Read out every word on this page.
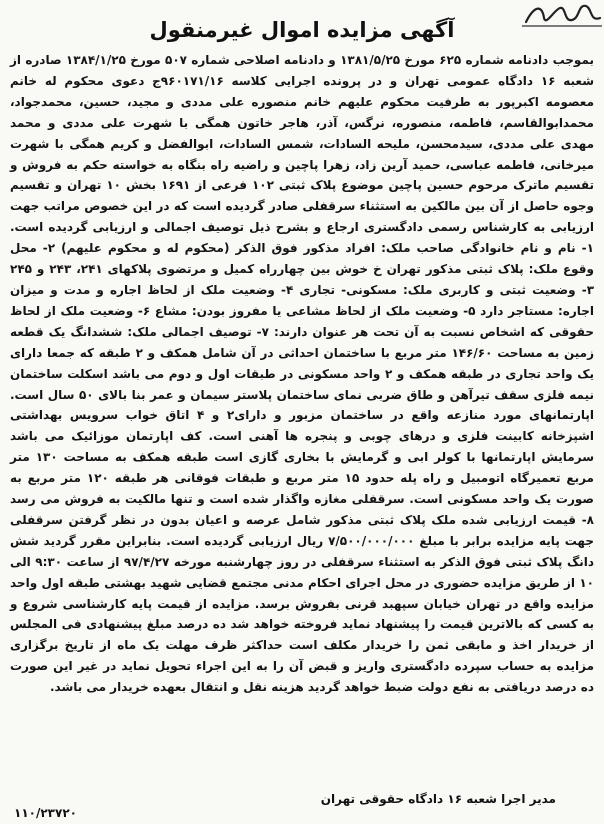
آگهی مزایده اموال غیرمنقول

بموجب دادنامه شماره ۶۲۵ مورخ ۱۳۸۱/۵/۲۵ و دادنامه اصلاحی شماره ۵۰۷ مورخ ۱۳۸۴/۱/۲۵ صادره از شعبه ۱۶ دادگاه عمومی تهران و در پرونده اجرایی کلاسه ۹۶۰۱۷۱/۱۶ج دعوی محکوم له خانم معصومه اکبرپور به طرفیت محکوم علیهم خانم منصوره علی مددی و مجید، حسین، محمدجواد، محمدابوالقاسم، فاطمه، منصوره، نرگس، آذر، هاجر خاتون همگی با شهرت علی مددی و محمد مهدی علی مددی، سیدمحسن، ملیحه السادات، شمس السادات، ابوالفضل و کریم همگی با شهرت میرخانی، فاطمه عباسی، حمید آرین زاد، زهرا پاچین و راضیه راه بنگاه به خواسته حکم به فروش و تقسیم ماترک مرحوم حسین پاچین موضوع پلاک ثبتی ۱۰۲ فرعی از ۱۶۹۱ بخش ۱۰ تهران و تقسیم وجوه حاصل از آن بین مالکین به استثناء سرقفلی صادر گردیده است که در این خصوص مراتب جهت ارزیابی به کارشناس رسمی دادگستری ارجاع و بشرح ذیل توصیف اجمالی و ارزیابی گردیده است. ۱- نام و نام خانوادگی صاحب ملک: افراد مذکور فوق الذکر (محکوم له و محکوم علیهم) ۲- محل وقوع ملک: پلاک ثبتی مذکور تهران خ خوش بین چهارراه کمیل و مرتضوی پلاکهای ۲۴۱، ۲۴۳ و ۲۴۵ ۳- وضعیت ثبتی و کاربری ملک: مسکونی- تجاری ۴- وضعیت ملک از لحاظ اجاره و مدت و میزان اجاره: مستاجر دارد ۵- وضعیت ملک از لحاظ مشاعی یا مفروز بودن: مشاع ۶- وضعیت ملک از لحاظ حقوقی که اشخاص نسبت به آن تحت هر عنوان دارند: ۷- توصیف اجمالی ملک: ششدانگ یک قطعه زمین به مساحت ۱۴۶/۶۰ متر مربع با ساختمان احداثی در آن شامل همکف و ۲ طبقه که جمعا دارای یک واحد تجاری در طبقه همکف و ۲ واحد مسکونی در طبقات اول و دوم می باشد اسکلت ساختمان نیمه فلزی سقف تیرآهن و طاق ضربی نمای ساختمان پلاستر سیمان و عمر بنا بالای ۵۰ سال است. اپارتمانهای مورد منازعه واقع در ساختمان مزبور و دارای۲ و ۴ اتاق خواب سرویس بهداشتی اشپزخانه کابینت فلزی و درهای چوبی و پنجره ها آهنی است. کف اپارتمان موزائیک می باشد سرمایش اپارتمانها با کولر ابی و گرمایش با بخاری گازی است طبقه همکف به مساحت ۱۳۰ متر مربع تعمیرگاه اتومبیل و راه پله حدود ۱۵ متر مربع و طبقات فوقانی هر طبقه ۱۲۰ متر مربع به صورت یک واحد مسکونی است. سرقفلی مغازه واگذار شده است و تنها مالکیت به فروش می رسد ۸- قیمت ارزیابی شده ملک پلاک ثبتی مذکور شامل عرصه و اعیان بدون در نظر گرفتن سرقفلی جهت پایه مزایده برابر با مبلغ ۷/۵۰۰/۰۰۰/۰۰۰ ریال ارزیابی گردیده است. بنابراین مقرر گردید شش دانگ پلاک ثبتی فوق الذکر به استثناء سرقفلی در روز چهارشنبه مورخه ۹۷/۴/۲۷ از ساعت ۹:۳۰ الی ۱۰ از طریق مزایده حضوری در محل اجرای احکام مدنی مجتمع قضایی شهید بهشتی طبقه اول واحد مزایده واقع در تهران خیابان سپهبد قرنی بفروش برسد. مزایده از قیمت پایه کارشناسی شروع و به کسی که بالاترین قیمت را پیشنهاد نماید فروخته خواهد شد ده درصد مبلغ پیشنهادی فی المجلس از خریدار اخذ و مابقی ثمن را خریدار مکلف است حداکثر ظرف مهلت یک ماه از تاریخ برگزاری مزایده به حساب سپرده دادگستری واریز و قبض آن را به این اجراء تحویل نماید در غیر این صورت ده درصد دریافتی به نفع دولت ضبط خواهد گردید هزینه نقل و انتقال بعهده خریدار می باشد.

مدیر اجرا شعبه ۱۶ دادگاه حقوقی تهران
۱۱۰/۲۳۷۲۰
